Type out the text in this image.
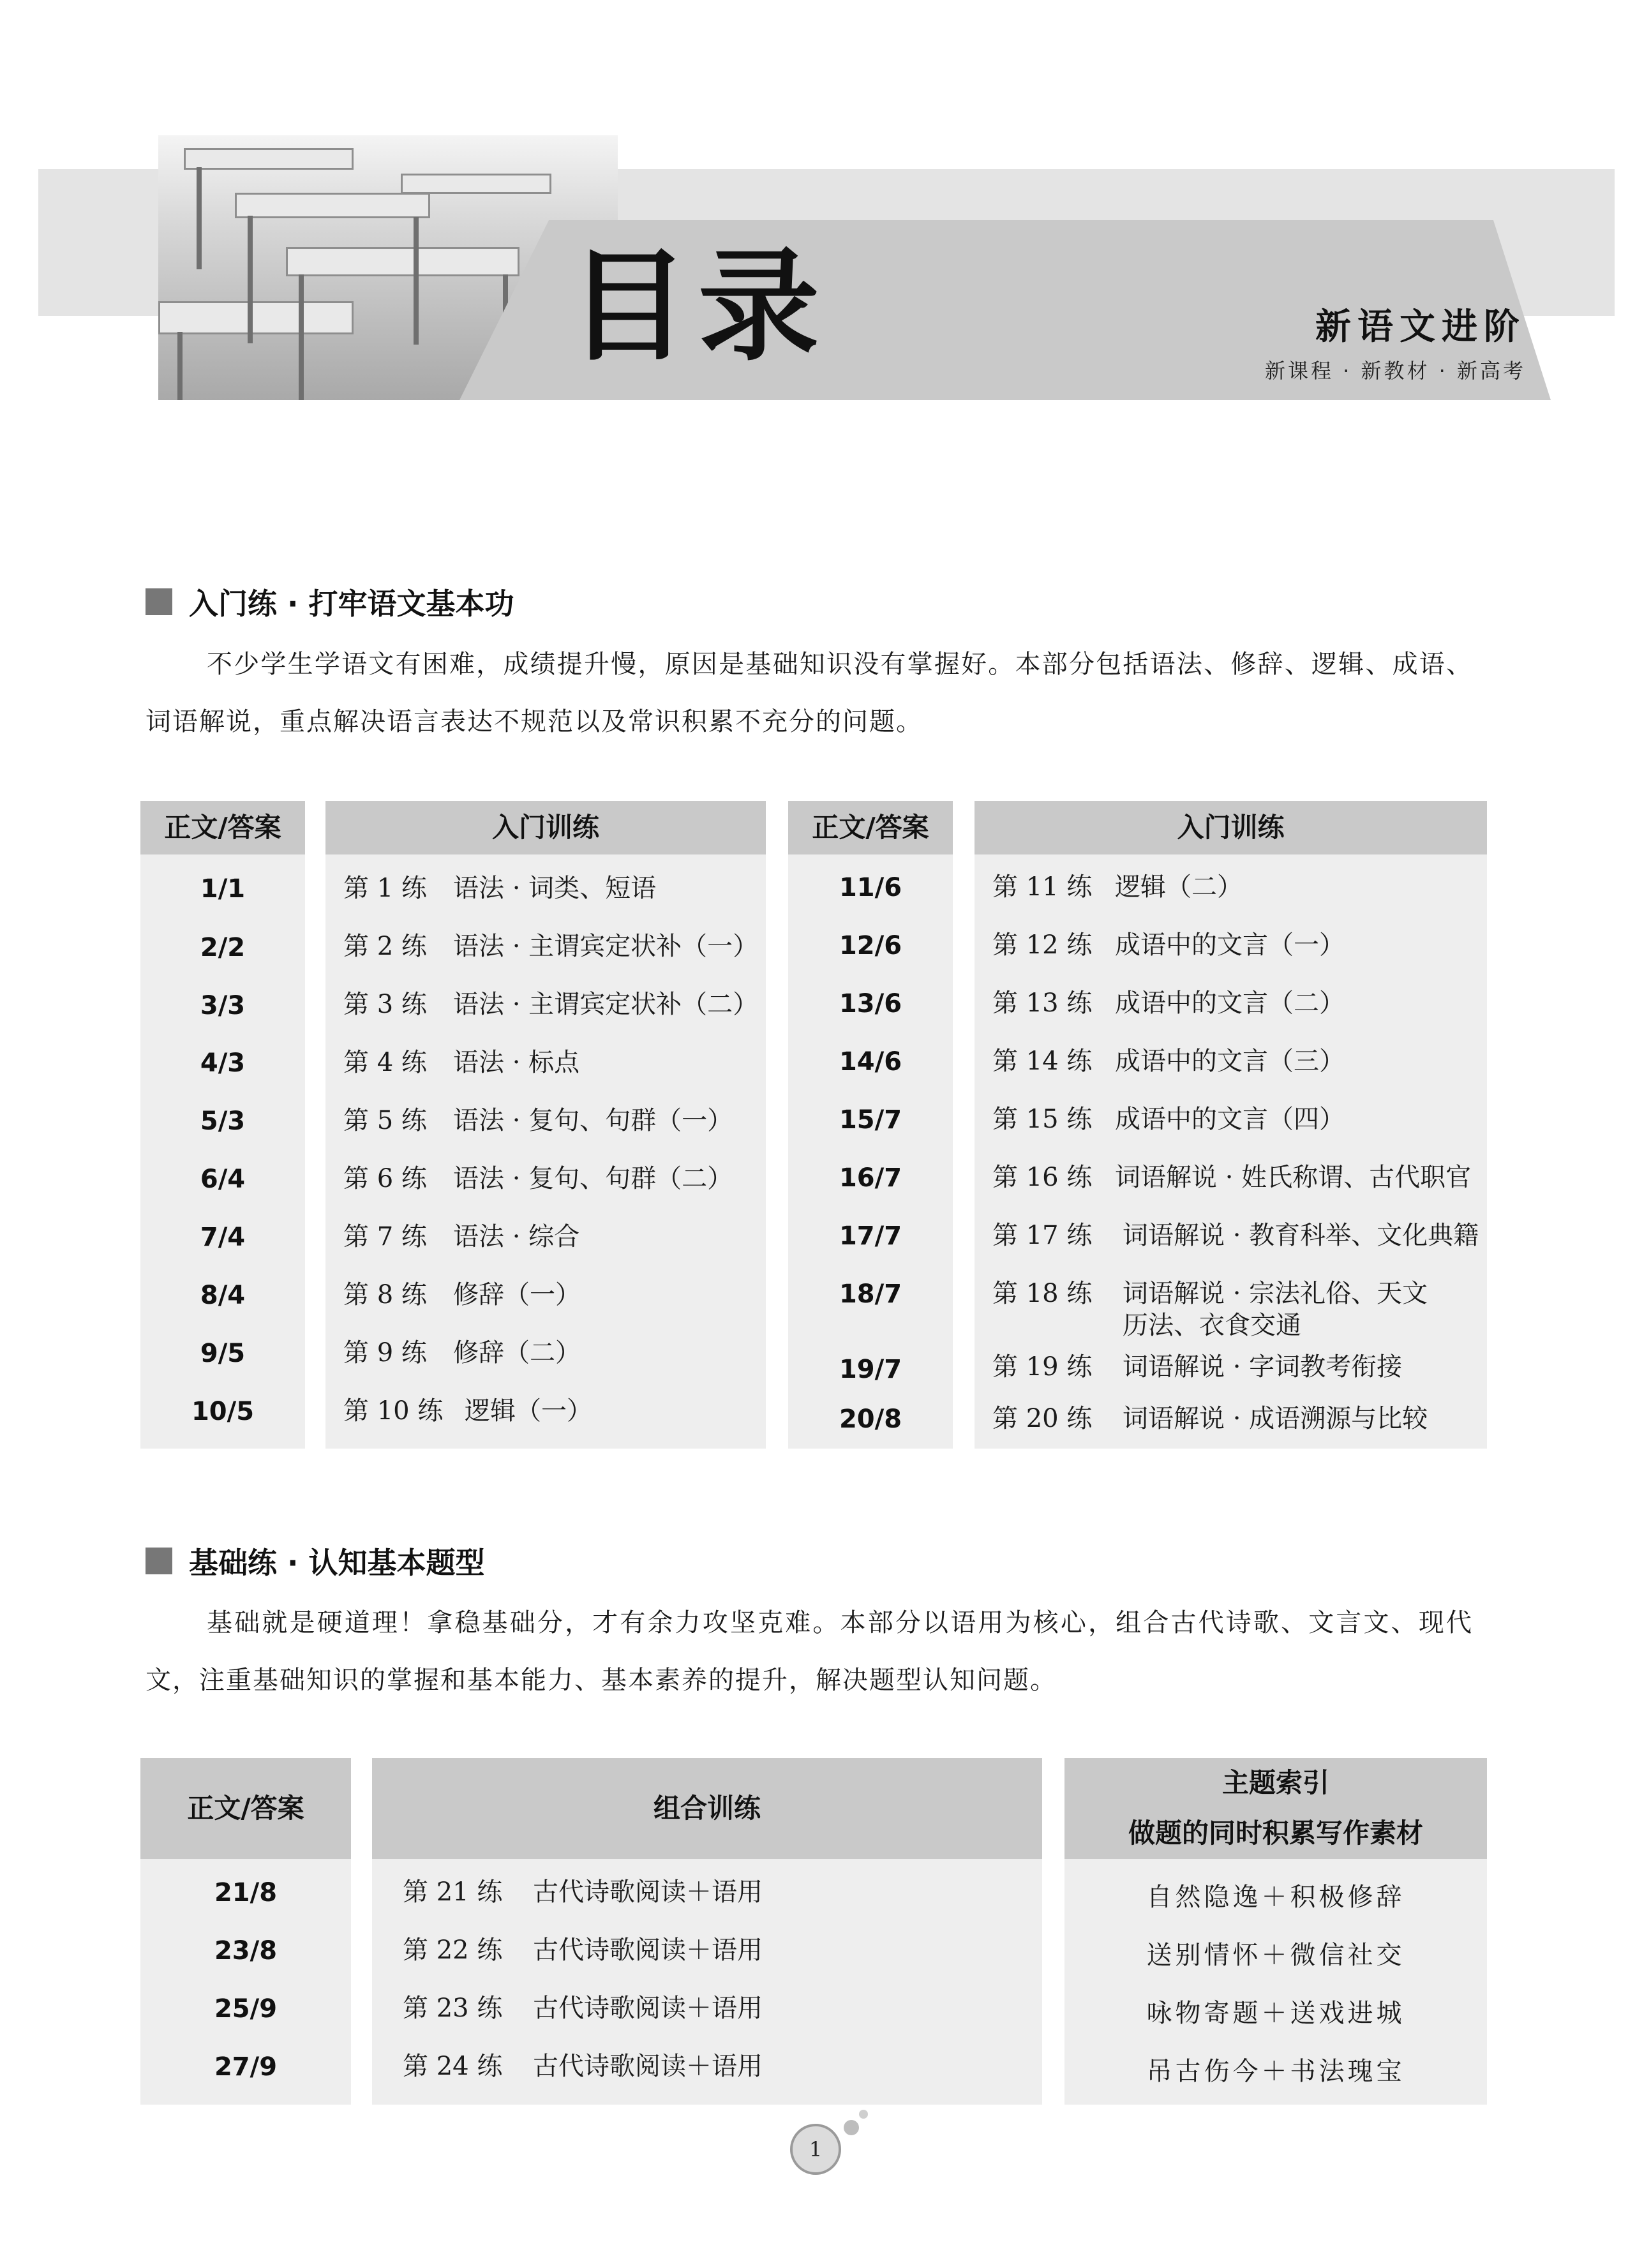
目录	新语文进阶
新课程 · 新教材 · 新高考
入门练 · 打牢语文基本功
不少学生学语文有困难，成绩提升慢，原因是基础知识没有掌握好。本部分包括语法、修辞、逻辑、成语、词语解说，重点解决语言表达不规范以及常识积累不充分的问题。
正文/答案
1/1
2/2
3/3
4/3
5/3
6/4
7/4
8/4
9/5
10/5
入门训练
第 1 练 语法 · 词类、短语
第 2 练 语法 · 主谓宾定状补（一）
第 3 练 语法 · 主谓宾定状补（二）
第 4 练 语法 · 标点
第 5 练 语法 · 复句、句群（一）
第 6 练 语法 · 复句、句群（二）
第 7 练 语法 · 综合
第 8 练 修辞（一）
第 9 练 修辞（二）
第 10 练 逻辑（一）
正文/答案
11/6
12/6
13/6
14/6
15/7
16/7
17/7
18/7
19/7
20/8
入门训练
第 11 练 逻辑（二）
第 12 练 成语中的文言（一）
第 13 练 成语中的文言（二）
第 14 练 成语中的文言（三）
第 15 练 成语中的文言（四）
第 16 练 词语解说 · 姓氏称谓、古代职官
第 17 练 词语解说 · 教育科举、文化典籍
第 18 练 词语解说 · 宗法礼俗、天文
历法、衣食交通
第 19 练 词语解说 · 字词教考衔接
第 20 练 词语解说 · 成语溯源与比较
基础练 · 认知基本题型
基础就是硬道理！拿稳基础分，才有余力攻坚克难。本部分以语用为核心，组合古代诗歌、文言文、现代文，注重基础知识的掌握和基本能力、基本素养的提升，解决题型认知问题。
正文/答案
21/8
23/8
25/9
27/9
组合训练
第 21 练 古代诗歌阅读＋语用
第 22 练 古代诗歌阅读＋语用
第 23 练 古代诗歌阅读＋语用
第 24 练 古代诗歌阅读＋语用
主题索引
做题的同时积累写作素材
自然隐逸＋积极修辞
送别情怀＋微信社交
咏物寄题＋送戏进城
吊古伤今＋书法瑰宝
1
